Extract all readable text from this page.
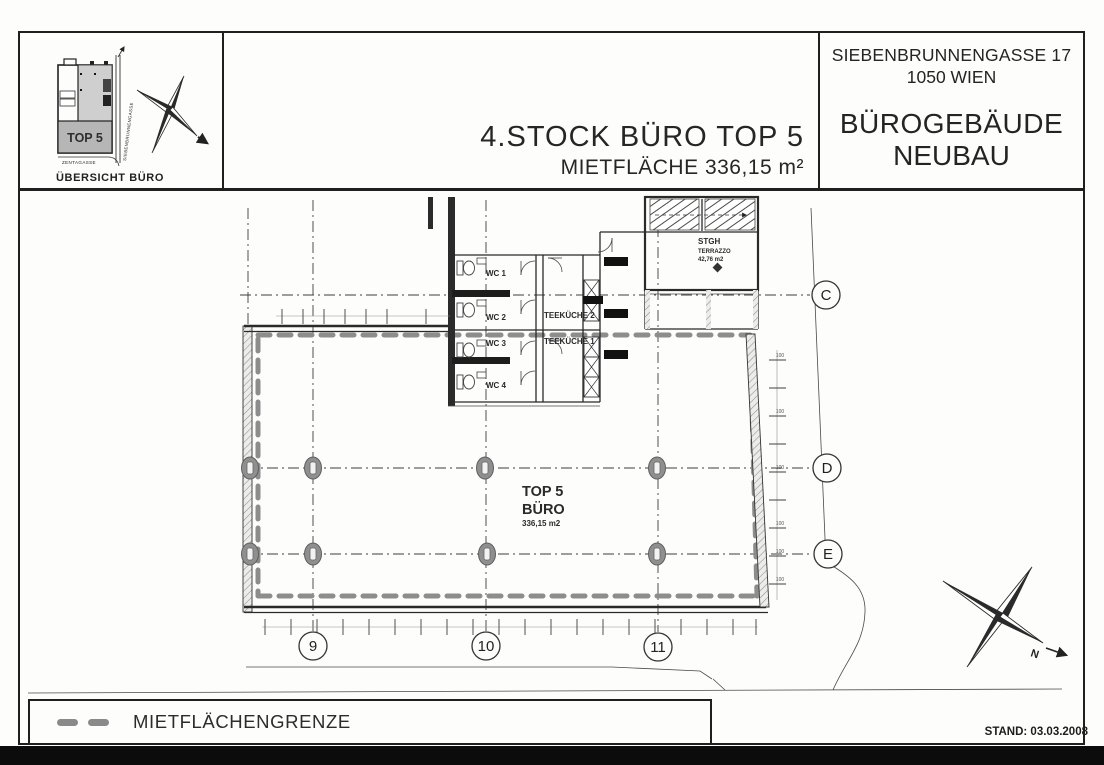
100
100
100
100
100
100
C
D
E
9	10	11
WC 1
WC 2
WC 3
WC 4
TEEKÜCHE 2
TEEKÜCHE 1
STGH
TERRAZZO
42,76 m2
TOP 5
BÜRO
336,15 m2
N
TOP 5	SIEBENBRUNNENGASSE
ZENTAGASSE
ÜBERSICHT BÜRO
4.STOCK BÜRO TOP 5
MIETFLÄCHE 336,15 m²
SIEBENBRUNNENGASSE 17
1050 WIEN
BÜROGEBÄUDE
NEUBAU
MIETFLÄCHENGRENZE	STAND: 03.03.2008
